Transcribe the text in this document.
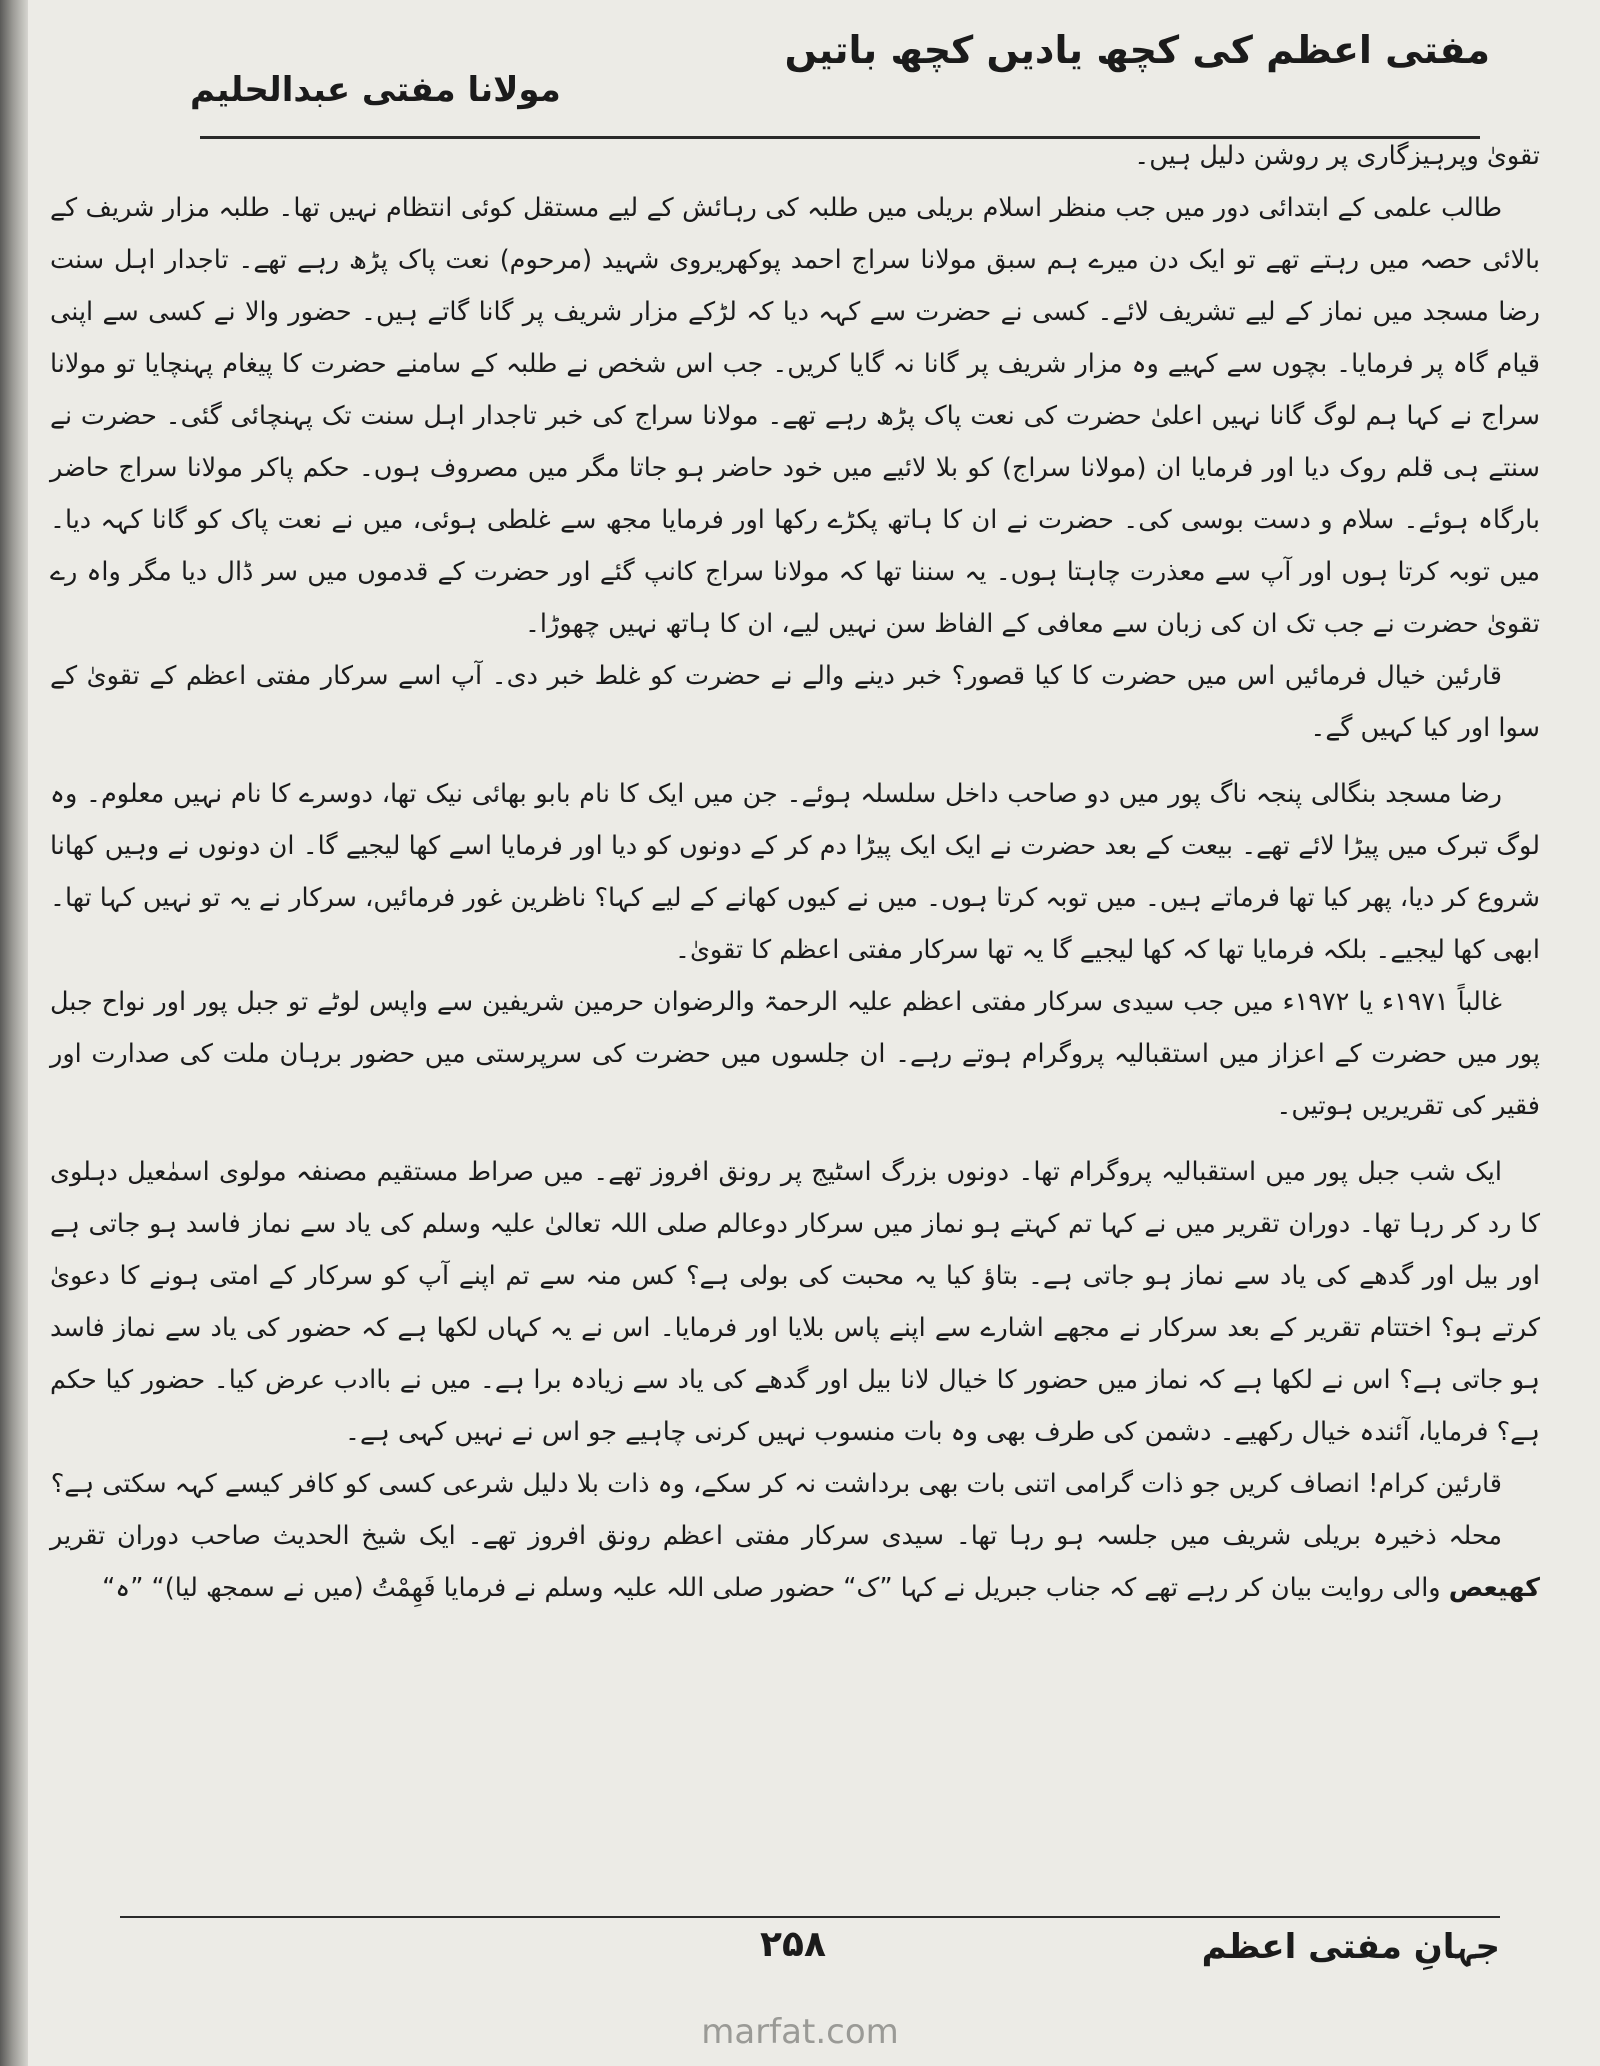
مفتی اعظم کی کچھ یادیں کچھ باتیں
مولانا مفتی عبدالحلیم

تقویٰ وپرہیزگاری پر روشن دلیل ہیں۔

طالب علمی کے ابتدائی دور میں جب منظر اسلام بریلی میں طلبہ کی رہائش کے لیے مستقل کوئی انتظام نہیں تھا۔ طلبہ مزار شریف کے بالائی حصہ میں رہتے تھے تو ایک دن میرے ہم سبق مولانا سراج احمد پوکھریروی شہید (مرحوم) نعت پاک پڑھ رہے تھے۔ تاجدار اہل سنت رضا مسجد میں نماز کے لیے تشریف لائے۔ کسی نے حضرت سے کہہ دیا کہ لڑکے مزار شریف پر گانا گاتے ہیں۔ حضور والا نے کسی سے اپنی قیام گاہ پر فرمایا۔ بچوں سے کہیے وہ مزار شریف پر گانا نہ گایا کریں۔ جب اس شخص نے طلبہ کے سامنے حضرت کا پیغام پہنچایا تو مولانا سراج نے کہا ہم لوگ گانا نہیں اعلیٰ حضرت کی نعت پاک پڑھ رہے تھے۔ مولانا سراج کی خبر تاجدار اہل سنت تک پہنچائی گئی۔ حضرت نے سنتے ہی قلم روک دیا اور فرمایا ان (مولانا سراج) کو بلا لائیے میں خود حاضر ہو جاتا مگر میں مصروف ہوں۔ حکم پاکر مولانا سراج حاضر بارگاہ ہوئے۔ سلام و دست بوسی کی۔ حضرت نے ان کا ہاتھ پکڑے رکھا اور فرمایا مجھ سے غلطی ہوئی، میں نے نعت پاک کو گانا کہہ دیا۔ میں توبہ کرتا ہوں اور آپ سے معذرت چاہتا ہوں۔ یہ سننا تھا کہ مولانا سراج کانپ گئے اور حضرت کے قدموں میں سر ڈال دیا مگر واہ رے تقویٰ حضرت نے جب تک ان کی زبان سے معافی کے الفاظ سن نہیں لیے، ان کا ہاتھ نہیں چھوڑا۔

قارئین خیال فرمائیں اس میں حضرت کا کیا قصور؟ خبر دینے والے نے حضرت کو غلط خبر دی۔ آپ اسے سرکار مفتی اعظم کے تقویٰ کے سوا اور کیا کہیں گے۔

رضا مسجد بنگالی پنجہ ناگ پور میں دو صاحب داخل سلسلہ ہوئے۔ جن میں ایک کا نام بابو بھائی نیک تھا، دوسرے کا نام نہیں معلوم۔ وہ لوگ تبرک میں پیڑا لائے تھے۔ بیعت کے بعد حضرت نے ایک ایک پیڑا دم کر کے دونوں کو دیا اور فرمایا اسے کھا لیجیے گا۔ ان دونوں نے وہیں کھانا شروع کر دیا، پھر کیا تھا فرماتے ہیں۔ میں توبہ کرتا ہوں۔ میں نے کیوں کھانے کے لیے کہا؟ ناظرین غور فرمائیں، سرکار نے یہ تو نہیں کہا تھا۔ ابھی کھا لیجیے۔ بلکہ فرمایا تھا کہ کھا لیجیے گا یہ تھا سرکار مفتی اعظم کا تقویٰ۔

غالباً ۱۹۷۱ء یا ۱۹۷۲ء میں جب سیدی سرکار مفتی اعظم علیہ الرحمۃ والرضوان حرمین شریفین سے واپس لوٹے تو جبل پور اور نواح جبل پور میں حضرت کے اعزاز میں استقبالیہ پروگرام ہوتے رہے۔ ان جلسوں میں حضرت کی سرپرستی میں حضور برہان ملت کی صدارت اور فقیر کی تقریریں ہوتیں۔

ایک شب جبل پور میں استقبالیہ پروگرام تھا۔ دونوں بزرگ اسٹیج پر رونق افروز تھے۔ میں صراط مستقیم مصنفہ مولوی اسمٰعیل دہلوی کا رد کر رہا تھا۔ دوران تقریر میں نے کہا تم کہتے ہو نماز میں سرکار دوعالم صلی اللہ تعالیٰ علیہ وسلم کی یاد سے نماز فاسد ہو جاتی ہے اور بیل اور گدھے کی یاد سے نماز ہو جاتی ہے۔ بتاؤ کیا یہ محبت کی بولی ہے؟ کس منہ سے تم اپنے آپ کو سرکار کے امتی ہونے کا دعویٰ کرتے ہو؟ اختتام تقریر کے بعد سرکار نے مجھے اشارے سے اپنے پاس بلایا اور فرمایا۔ اس نے یہ کہاں لکھا ہے کہ حضور کی یاد سے نماز فاسد ہو جاتی ہے؟ اس نے لکھا ہے کہ نماز میں حضور کا خیال لانا بیل اور گدھے کی یاد سے زیادہ برا ہے۔ میں نے باادب عرض کیا۔ حضور کیا حکم ہے؟ فرمایا، آئندہ خیال رکھیے۔ دشمن کی طرف بھی وہ بات منسوب نہیں کرنی چاہیے جو اس نے نہیں کہی ہے۔

قارئین کرام! انصاف کریں جو ذات گرامی اتنی بات بھی برداشت نہ کر سکے، وہ ذات بلا دلیل شرعی کسی کو کافر کیسے کہہ سکتی ہے؟

محلہ ذخیرہ بریلی شریف میں جلسہ ہو رہا تھا۔ سیدی سرکار مفتی اعظم رونق افروز تھے۔ ایک شیخ الحدیث صاحب دوران تقریر کھیعص والی روایت بیان کر رہے تھے کہ جناب جبریل نے کہا ”ک“ حضور صلی اللہ علیہ وسلم نے فرمایا فَهِمْتُ (میں نے سمجھ لیا)“ ”ہ“

جہانِ مفتی اعظم
۲۵۸
marfat.com
